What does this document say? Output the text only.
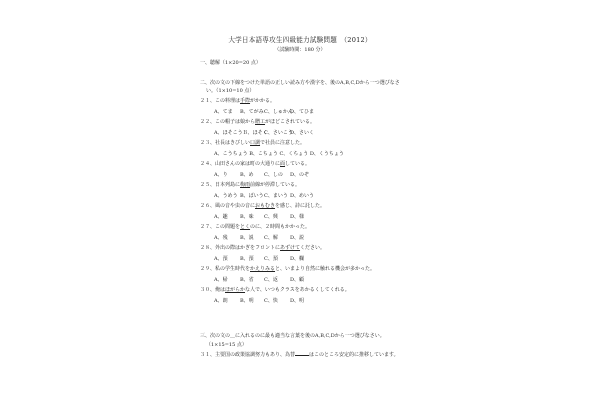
大学日本語専攻生四級能力試験問題　（2012）
（試験時間：180 分）
一、聴解（1×20=20 点）
二、次の文の下線をつけた単語の正しい読み方や漢字を、後のA,B,C,Dから一つ選びなさ
い。（1×10=10 点）
２１、この料理は手際がかかる。
A、てま B、てがみ C、しゅかん
D、てひま
２２、この帽子は娘から贈工がほどこされている。
A、ほそこうＢ、ほそく
C、さいこう
D、さいく
２３、社長はきびしい口調で社員に注意した。
A、こうちょう B、こちょう C、くちょう D、くうちょう
２４、山田さんの家は町の大通りに面している。
A、り B、め C、しの D、のぞ
２５、日本列島に梅雨前線が停滞している。
A、うめう B、ばいう C、まいう D、めいう
２６、風の音や虫の音におもむきを感じ、詩に託した。
A、趣 B、味 C、興 D、様
２７、この問題をとくのに、２時間もかかった。
A、残 B、説 C、解 D、説
２８、外出の際はかぎをフロントにあずけてください。
A、預 B、預 C、預 D、欄
２９、私の学生時代をかえりみると、いまより自然に触れる機会が多かった。
A、帰 B、省 C、返 D、顧
３０、俺はほがらかな人で、いつもクラスをあかるくしてくれる。
A、朗 B、明 C、快 D、明
三、次の文の＿に入れるのに最も適当な言葉を後のA,B,C,Dから一つ選びなさい。
（1×15=15 点）
３１、主要国の政策協調努力もあり、為替	はこのところ安定的に推移しています。
